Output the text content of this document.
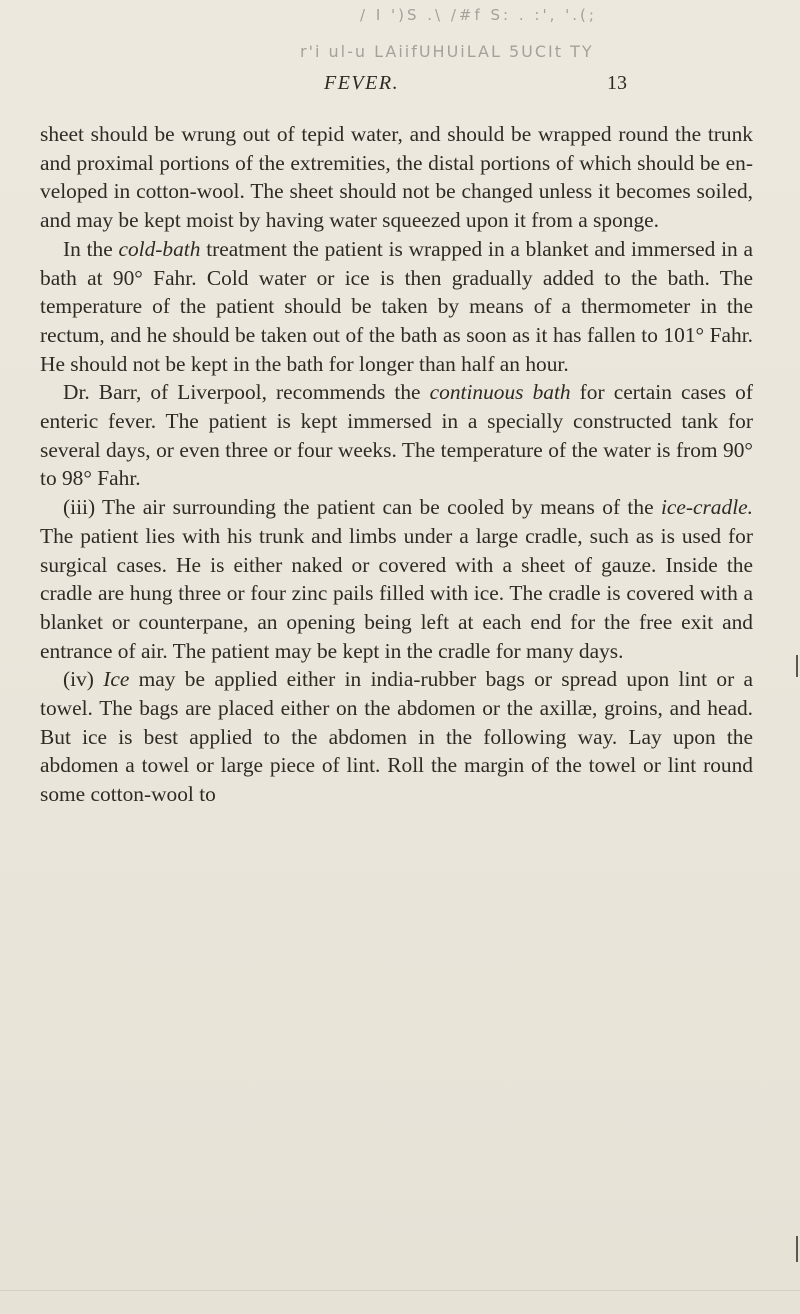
/ I ')S .\ /#f S: . :', '.(;
r'i ul-u LAiifUHUiLAL 5UCIt TY
FEVER.	13

sheet should be wrung out of tepid water, and should be wrapped round the trunk and proximal portions of the extremities, the distal portions of which should be en-veloped in cotton-wool. The sheet should not be changed unless it becomes soiled, and may be kept moist by having water squeezed upon it from a sponge.

In the cold-bath treatment the patient is wrapped in a blanket and immersed in a bath at 90° Fahr. Cold water or ice is then gradually added to the bath. The temperature of the patient should be taken by means of a thermometer in the rectum, and he should be taken out of the bath as soon as it has fallen to 101° Fahr. He should not be kept in the bath for longer than half an hour.

Dr. Barr, of Liverpool, recommends the continuous bath for certain cases of enteric fever. The patient is kept immersed in a specially constructed tank for several days, or even three or four weeks. The temperature of the water is from 90° to 98° Fahr.

(iii) The air surrounding the patient can be cooled by means of the ice-cradle. The patient lies with his trunk and limbs under a large cradle, such as is used for surgical cases. He is either naked or covered with a sheet of gauze. Inside the cradle are hung three or four zinc pails filled with ice. The cradle is covered with a blanket or counterpane, an opening being left at each end for the free exit and entrance of air. The patient may be kept in the cradle for many days.

(iv) Ice may be applied either in india-rubber bags or spread upon lint or a towel. The bags are placed either on the abdomen or the axillæ, groins, and head. But ice is best applied to the abdomen in the following way. Lay upon the abdomen a towel or large piece of lint. Roll the margin of the towel or lint round some cotton-wool to
